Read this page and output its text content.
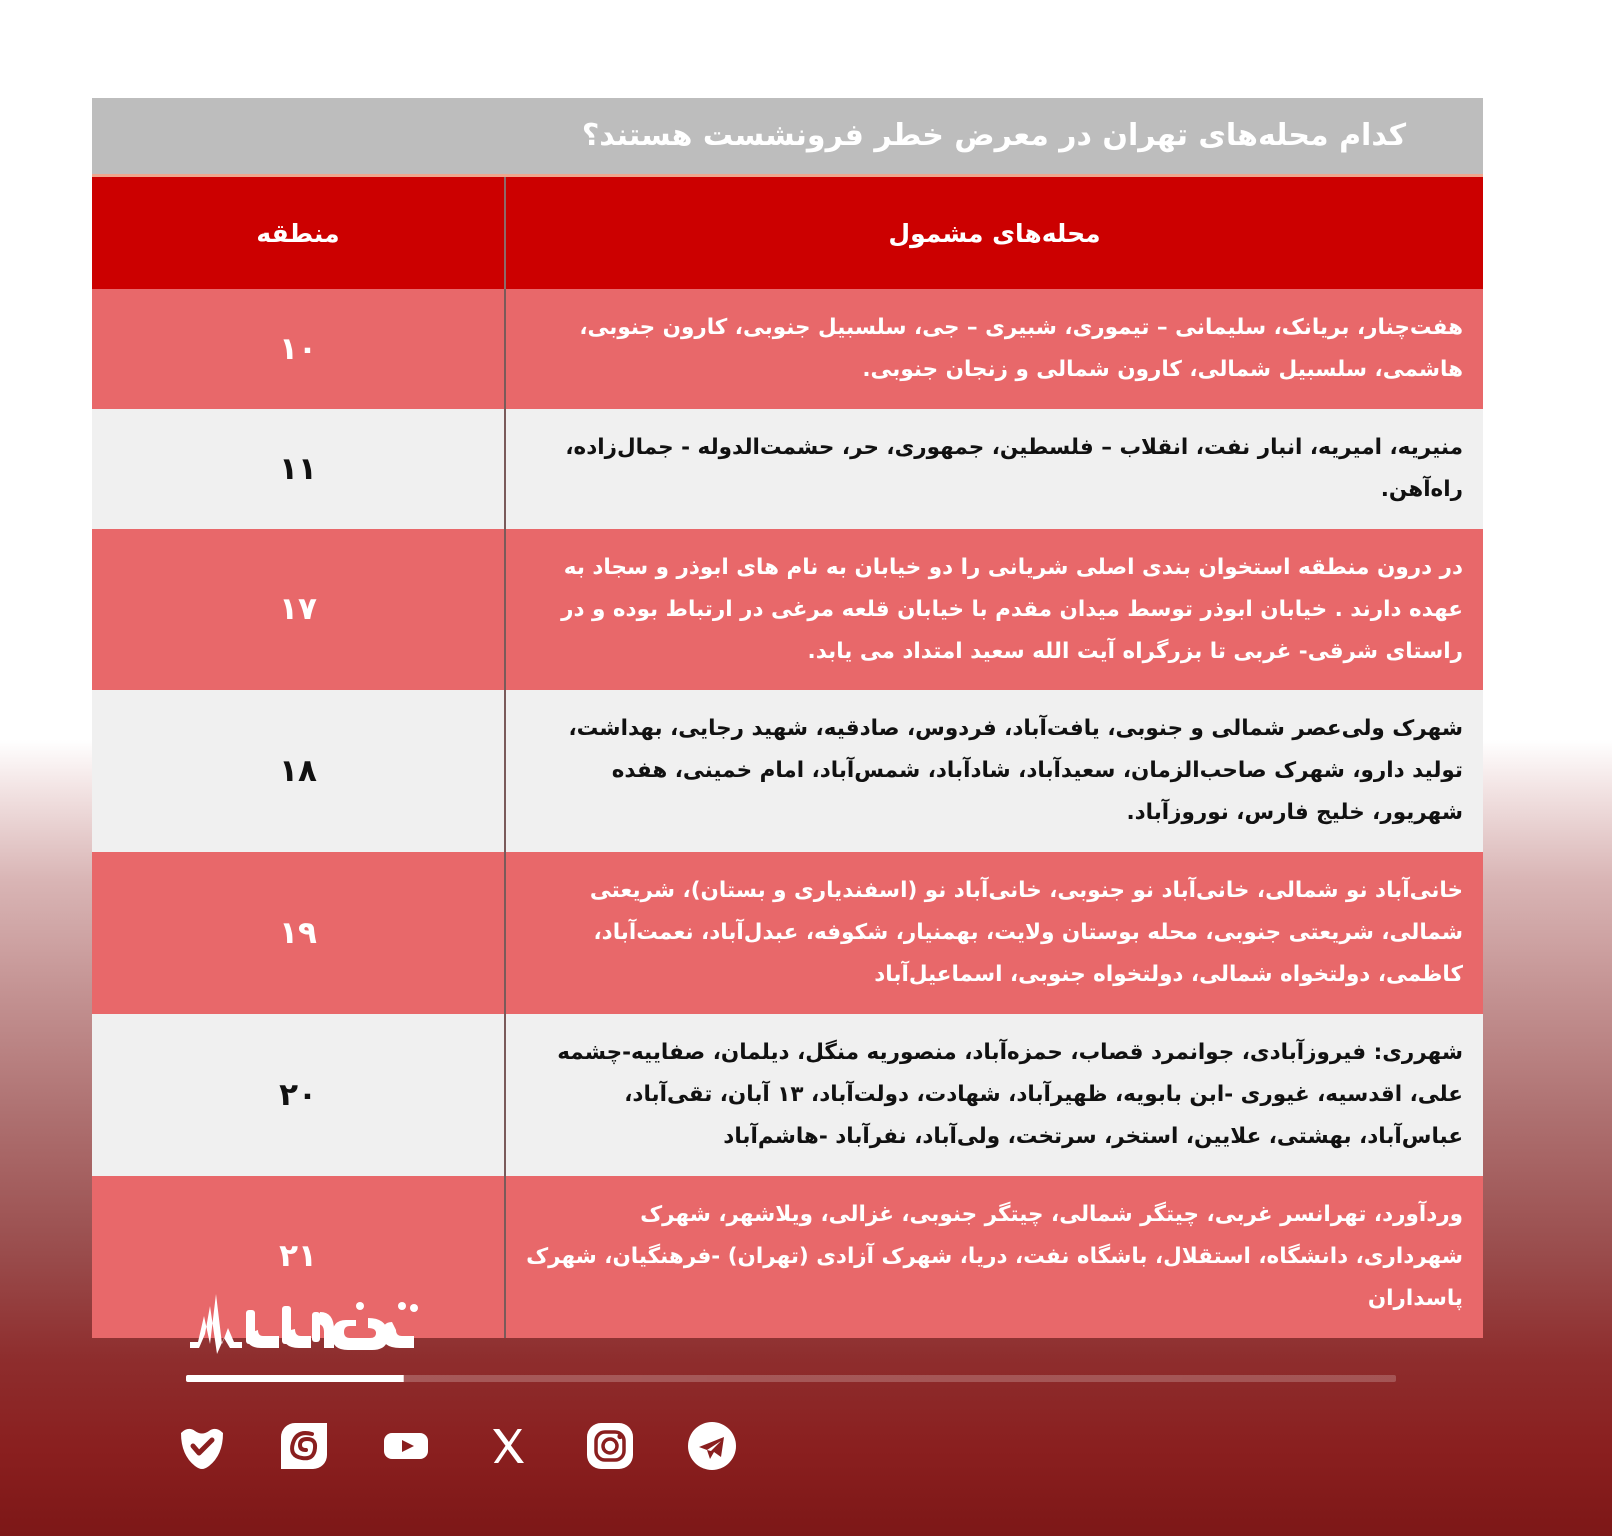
کدام محله‌های تهران در معرض خطر فرونشست هستند؟	

محله‌های مشمول	منطقه
هفت‌چنار، بریانک، سلیمانی – تیموری، شبیری – جی، سلسبیل جنوبی، کارون جنوبی، هاشمی، سلسبیل شمالی، کارون شمالی و زنجان جنوبی.	۱۰
منیریه، امیریه، انبار نفت، انقلاب – فلسطین، جمهوری، حر، حشمت‌الدوله - جمال‌زاده، راه‌آهن.	۱۱
در درون منطقه استخوان بندی اصلی شریانی را دو خیابان به نام های ابوذر و سجاد به عهده دارند . خیابان ابوذر توسط میدان مقدم با خیابان قلعه مرغی در ارتباط بوده و در راستای شرقی- غربی تا بزرگراه آیت الله سعید امتداد می یابد.	۱۷
شهرک ولی‌عصر شمالی و جنوبی، یافت‌آباد، فردوس، صادقیه، شهید رجایی، بهداشت، تولید دارو، شهرک صاحب‌الزمان، سعیدآباد، شادآباد، شمس‌آباد، امام خمینی، هفده شهریور، خلیج فارس، نوروزآباد.	۱۸
خانی‌آباد نو شمالی، خانی‌آباد نو جنوبی، خانی‌آباد نو (اسفندیاری و بستان)، شریعتی شمالی، شریعتی جنوبی، محله بوستان ولایت، بهمنیار، شکوفه، عبدل‌آباد، نعمت‌آباد، کاظمی، دولتخواه شمالی، دولتخواه جنوبی، اسماعیل‌آباد	۱۹
شهرری: فیروزآبادی، جوانمرد قصاب، حمزه‌آباد، منصوریه منگل، دیلمان، صفاییه-چشمه علی، اقدسیه، غیوری -ابن بابویه، ظهیرآباد، شهادت، دولت‌آباد، ۱۳ آبان، تقی‌آباد، عباس‌آباد، بهشتی، علایین، استخر، سرتخت، ولی‌آباد، نفرآباد -هاشم‌آباد	۲۰
وردآورد، تهرانسر غربی، چیتگر شمالی، چیتگر جنوبی، غزالی، ویلاشهر، شهرک شهرداری، دانشگاه، استقلال، باشگاه نفت، دریا، شهرک آزادی (تهران) -فرهنگیان، شهرک پاسداران	۲۱
